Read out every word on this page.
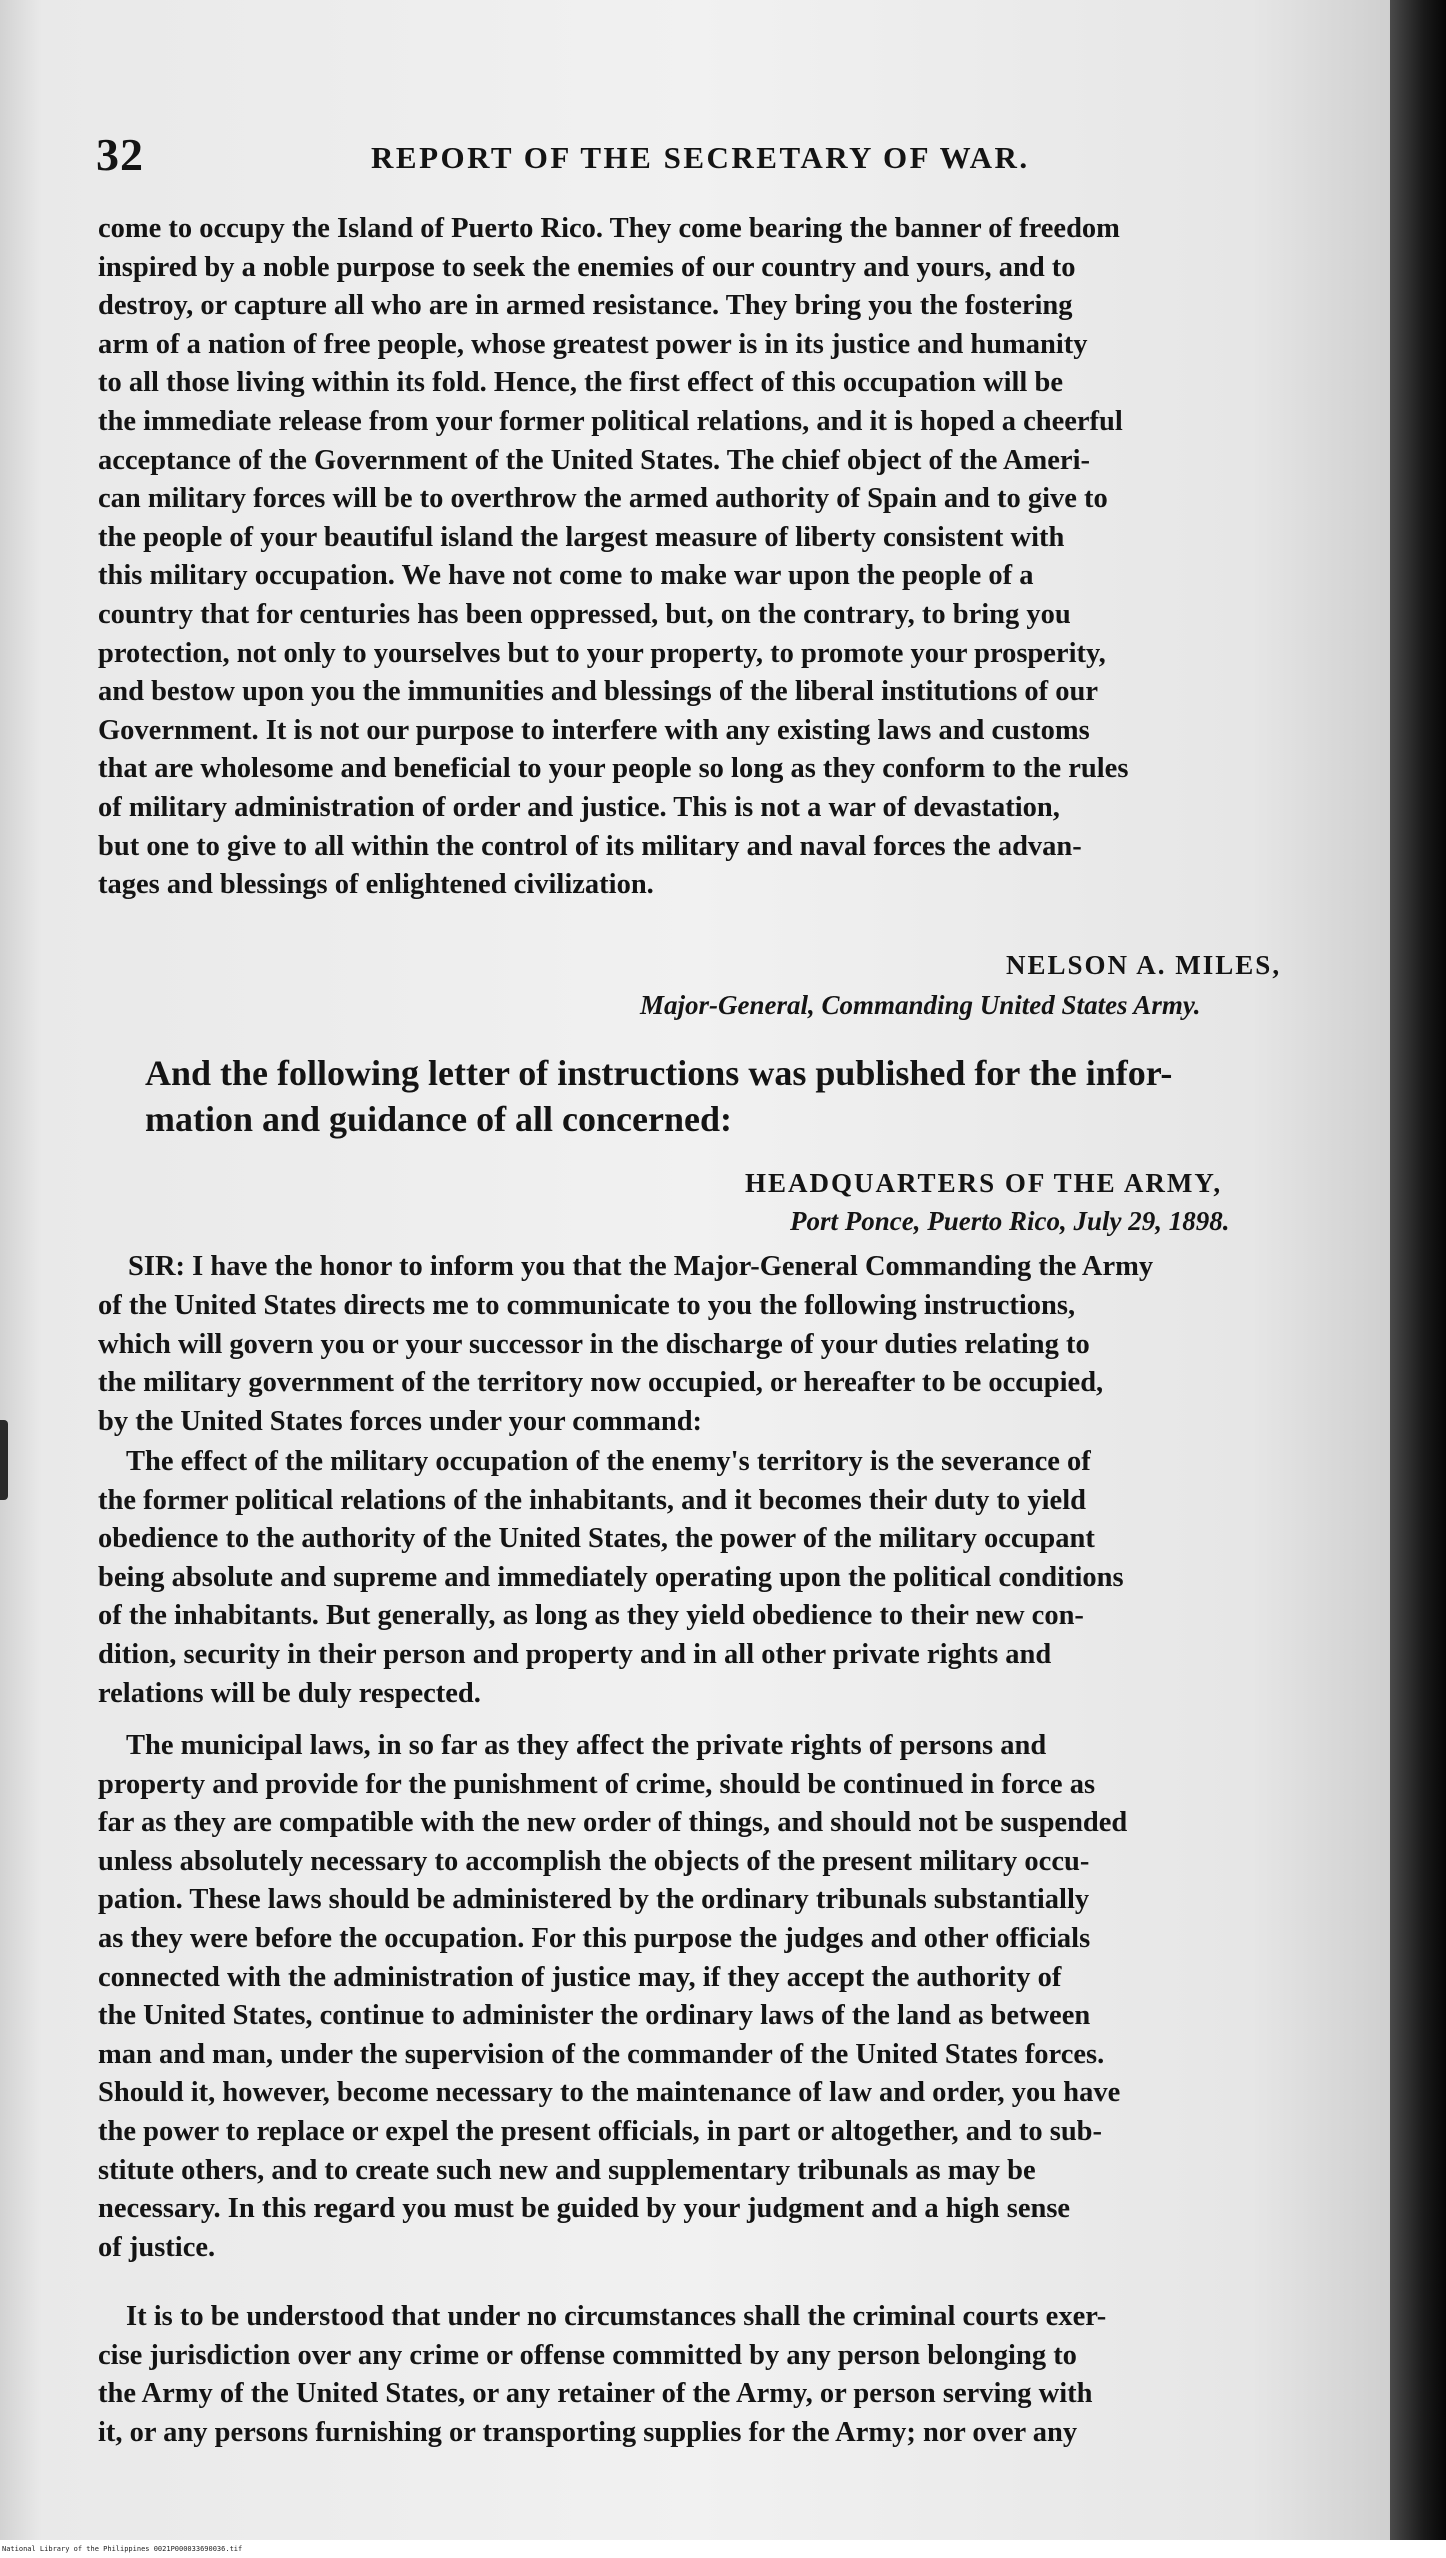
32	REPORT OF THE SECRETARY OF WAR.
come to occupy the Island of Puerto Rico. They come bearing the banner of freedom
inspired by a noble purpose to seek the enemies of our country and yours, and to
destroy, or capture all who are in armed resistance. They bring you the fostering
arm of a nation of free people, whose greatest power is in its justice and humanity
to all those living within its fold. Hence, the first effect of this occupation will be
the immediate release from your former political relations, and it is hoped a cheerful
acceptance of the Government of the United States. The chief object of the Ameri-
can military forces will be to overthrow the armed authority of Spain and to give to
the people of your beautiful island the largest measure of liberty consistent with
this military occupation. We have not come to make war upon the people of a
country that for centuries has been oppressed, but, on the contrary, to bring you
protection, not only to yourselves but to your property, to promote your prosperity,
and bestow upon you the immunities and blessings of the liberal institutions of our
Government. It is not our purpose to interfere with any existing laws and customs
that are wholesome and beneficial to your people so long as they conform to the rules
of military administration of order and justice. This is not a war of devastation,
but one to give to all within the control of its military and naval forces the advan-
tages and blessings of enlightened civilization.
NELSON A. MILES,
Major-General, Commanding United States Army.
And the following letter of instructions was published for the infor-
mation and guidance of all concerned:
HEADQUARTERS OF THE ARMY,
Port Ponce, Puerto Rico, July 29, 1898.
SIR: I have the honor to inform you that the Major-General Commanding the Army
of the United States directs me to communicate to you the following instructions,
which will govern you or your successor in the discharge of your duties relating to
the military government of the territory now occupied, or hereafter to be occupied,
by the United States forces under your command:
The effect of the military occupation of the enemy's territory is the severance of
the former political relations of the inhabitants, and it becomes their duty to yield
obedience to the authority of the United States, the power of the military occupant
being absolute and supreme and immediately operating upon the political conditions
of the inhabitants. But generally, as long as they yield obedience to their new con-
dition, security in their person and property and in all other private rights and
relations will be duly respected.
The municipal laws, in so far as they affect the private rights of persons and
property and provide for the punishment of crime, should be continued in force as
far as they are compatible with the new order of things, and should not be suspended
unless absolutely necessary to accomplish the objects of the present military occu-
pation. These laws should be administered by the ordinary tribunals substantially
as they were before the occupation. For this purpose the judges and other officials
connected with the administration of justice may, if they accept the authority of
the United States, continue to administer the ordinary laws of the land as between
man and man, under the supervision of the commander of the United States forces.
Should it, however, become necessary to the maintenance of law and order, you have
the power to replace or expel the present officials, in part or altogether, and to sub-
stitute others, and to create such new and supplementary tribunals as may be
necessary. In this regard you must be guided by your judgment and a high sense
of justice.
It is to be understood that under no circumstances shall the criminal courts exer-
cise jurisdiction over any crime or offense committed by any person belonging to
the Army of the United States, or any retainer of the Army, or person serving with
it, or any persons furnishing or transporting supplies for the Army; nor over any
National Library of the Philippines 0021P000033690036.tif
